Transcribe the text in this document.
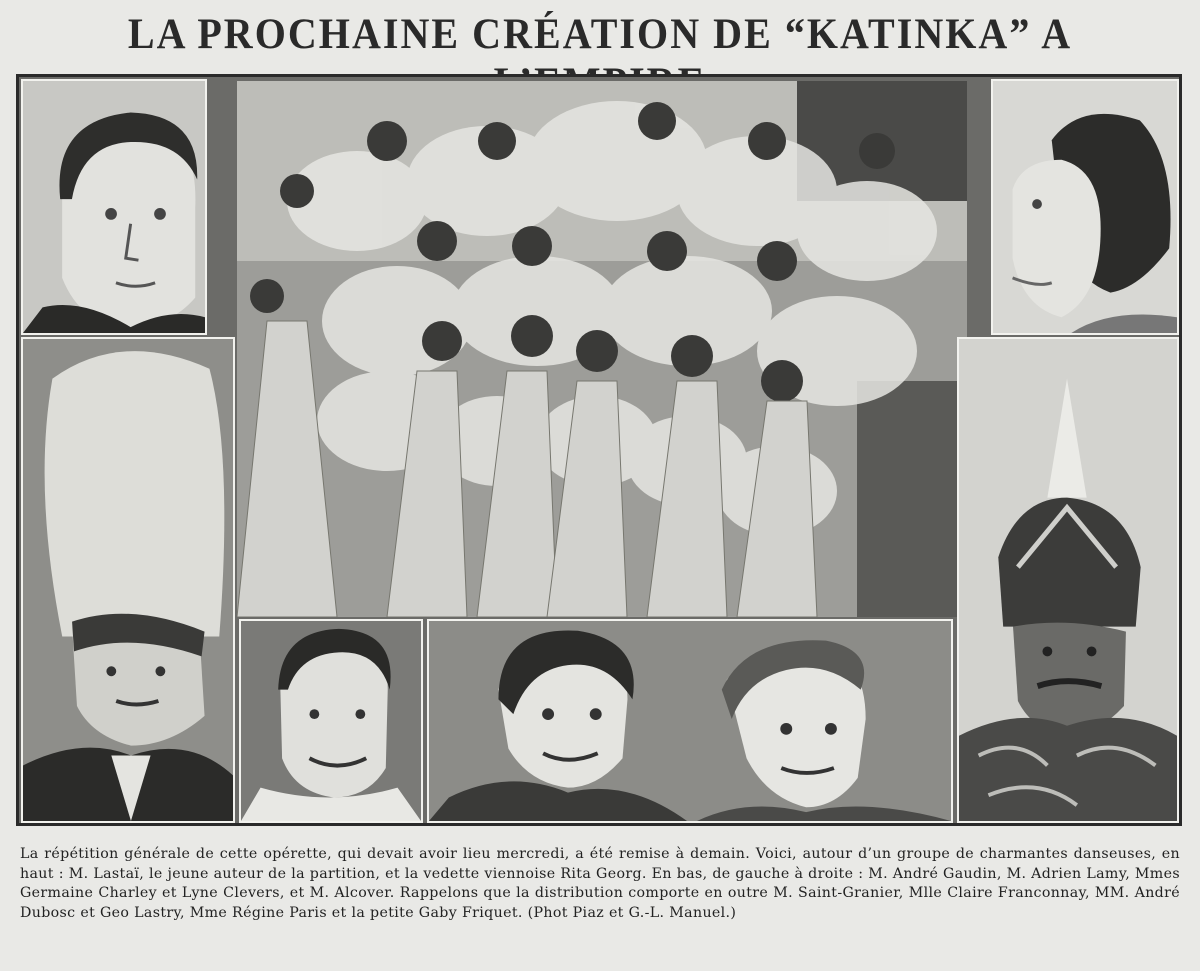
LA PROCHAINE CRÉATION DE “KATINKA” A
La répétition générale de cette opérette, qui devait avoir lieu mercredi, a été remise à demain. Voici, autour d’un groupe de charmantes danseuses, en haut : M. Lastaï, le jeune auteur de la partition, et la vedette viennoise Rita Georg. En bas, de gauche à droite : M. André Gaudin, M. Adrien Lamy, Mmes Germaine Charley et Lyne Clevers, et M. Alcover. Rappelons que la distribution comporte en outre M. Saint-Granier, Mlle Claire Franconnay, MM. André Dubosc et Geo Lastry, Mme Régine Paris et la petite Gaby Friquet. (Phot Piaz et G.-L. Manuel.)
